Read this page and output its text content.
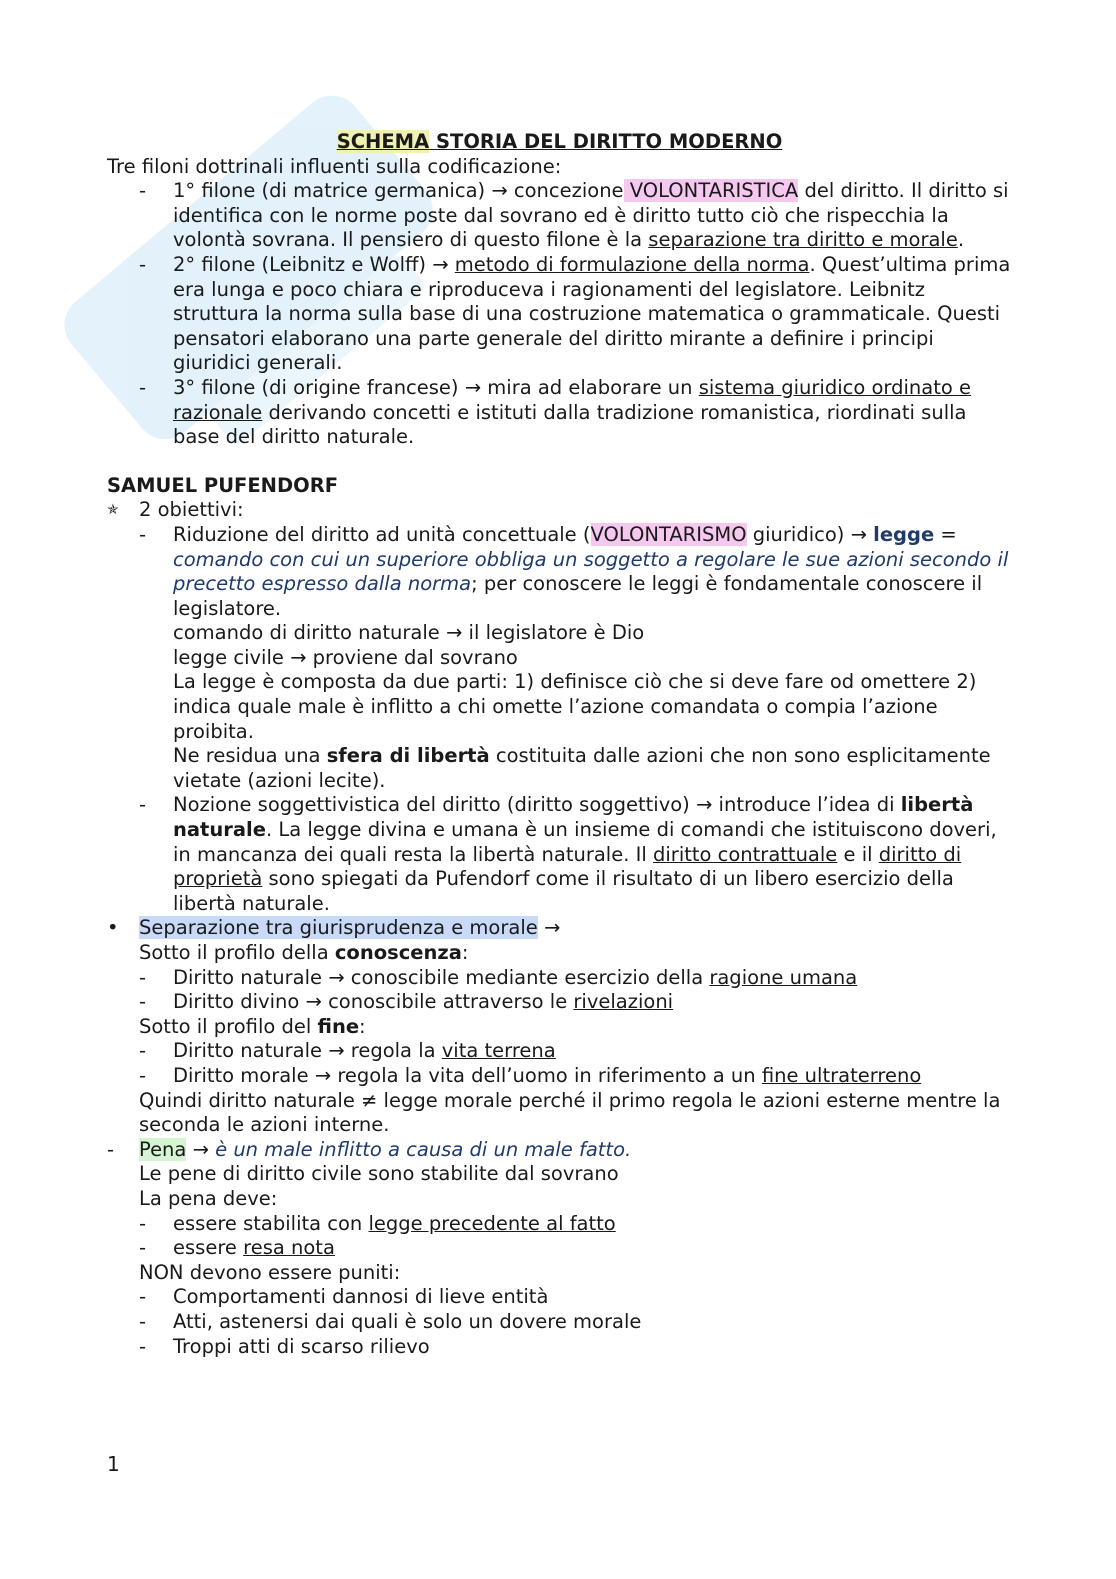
SCHEMA STORIA DEL DIRITTO MODERNO

Tre filoni dottrinali influenti sulla codificazione:

- 1° filone (di matrice germanica) → concezione VOLONTARISTICA del diritto. Il diritto si identifica con le norme poste dal sovrano ed è diritto tutto ciò che rispecchia la volontà sovrana. Il pensiero di questo filone è la separazione tra diritto e morale.
- 2° filone (Leibnitz e Wolff) → metodo di formulazione della norma. Quest’ultima prima era lunga e poco chiara e riproduceva i ragionamenti del legislatore. Leibnitz struttura la norma sulla base di una costruzione matematica o grammaticale. Questi pensatori elaborano una parte generale del diritto mirante a definire i principi giuridici generali.
- 3° filone (di origine francese) → mira ad elaborare un sistema giuridico ordinato e razionale derivando concetti e istituti dalla tradizione romanistica, riordinati sulla base del diritto naturale.

SAMUEL PUFENDORF

✯ 2 obiettivi:
- Riduzione del diritto ad unità concettuale (VOLONTARISMO giuridico) → legge = comando con cui un superiore obbliga un soggetto a regolare le sue azioni secondo il precetto espresso dalla norma; per conoscere le leggi è fondamentale conoscere il legislatore.

comando di diritto naturale → il legislatore è Dio

legge civile → proviene dal sovrano

La legge è composta da due parti: 1) definisce ciò che si deve fare od omettere 2) indica quale male è inflitto a chi omette l’azione comandata o compia l’azione proibita.

Ne residua una sfera di libertà costituita dalle azioni che non sono esplicitamente vietate (azioni lecite).

- Nozione soggettivistica del diritto (diritto soggettivo) → introduce l’idea di libertà naturale. La legge divina e umana è un insieme di comandi che istituiscono doveri, in mancanza dei quali resta la libertà naturale. Il diritto contrattuale e il diritto di proprietà sono spiegati da Pufendorf come il risultato di un libero esercizio della libertà naturale.
• Separazione tra giurisprudenza e morale →

Sotto il profilo della conoscenza:

- Diritto naturale → conoscibile mediante esercizio della ragione umana
- Diritto divino → conoscibile attraverso le rivelazioni

Sotto il profilo del fine:

- Diritto naturale → regola la vita terrena
- Diritto morale → regola la vita dell’uomo in riferimento a un fine ultraterreno

Quindi diritto naturale ≠ legge morale perché il primo regola le azioni esterne mentre la seconda le azioni interne.

- Pena → è un male inflitto a causa di un male fatto.

Le pene di diritto civile sono stabilite dal sovrano

La pena deve:

- essere stabilita con legge precedente al fatto
- essere resa nota

NON devono essere puniti:

- Comportamenti dannosi di lieve entità
- Atti, astenersi dai quali è solo un dovere morale
- Troppi atti di scarso rilievo
1
